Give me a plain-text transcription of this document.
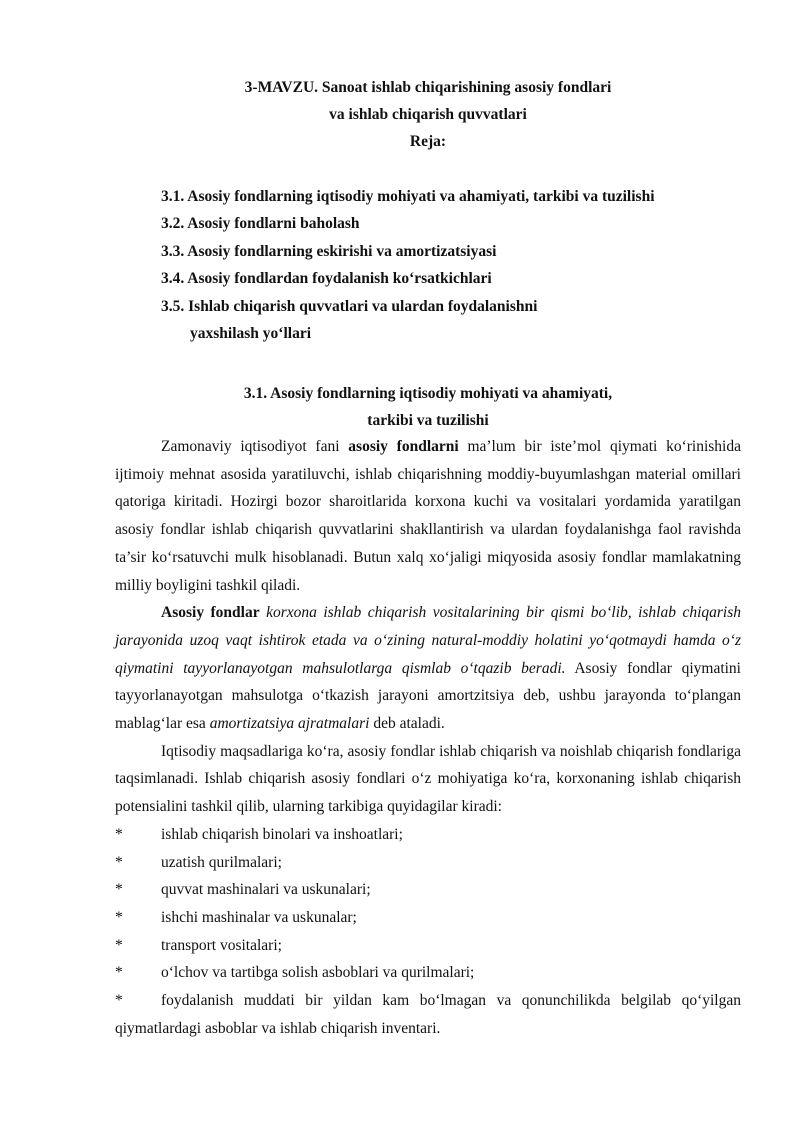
3-MAVZU. Sanoat ishlab chiqarishining asosiy fondlari
va ishlab chiqarish quvvatlari
Reja:
3.1. Asosiy fondlarning iqtisodiy mohiyati va ahamiyati, tarkibi va tuzilishi
3.2. Asosiy fondlarni baholash
3.3. Asosiy fondlarning eskirishi va amortizatsiyasi
3.4. Asosiy fondlardan foydalanish ko‘rsatkichlari
3.5. Ishlab chiqarish quvvatlari va ulardan foydalanishni
yaxshilash yo‘llari
3.1. Asosiy fondlarning iqtisodiy mohiyati va ahamiyati,
tarkibi va tuzilishi

Zamonaviy iqtisodiyot fani asosiy fondlarni ma’lum bir iste’mol qiymati ko‘rinishida ijtimoiy mehnat asosida yaratiluvchi, ishlab chiqarishning moddiy-buyumlashgan material omillari qatoriga kiritadi. Hozirgi bozor sharoitlarida korxona kuchi va vositalari yordamida yaratilgan asosiy fondlar ishlab chiqarish quvvatlarini shakllantirish va ulardan foydalanishga faol ravishda ta’sir ko‘rsatuvchi mulk hisoblanadi. Butun xalq xo‘jaligi miqyosida asosiy fondlar mamlakatning milliy boyligini tashkil qiladi.

Asosiy fondlar korxona ishlab chiqarish vositalarining bir qismi bo‘lib, ishlab chiqarish jarayonida uzoq vaqt ishtirok etada va o‘zining natural-moddiy holatini yo‘qotmaydi hamda o‘z qiymatini tayyorlanayotgan mahsulotlarga qismlab o‘tqazib beradi. Asosiy fondlar qiymatini tayyorlanayotgan mahsulotga o‘tkazish jarayoni amortzitsiya deb, ushbu jarayonda to‘plangan mablag‘lar esa amortizatsiya ajratmalari deb ataladi.

Iqtisodiy maqsadlariga ko‘ra, asosiy fondlar ishlab chiqarish va noishlab chiqarish fondlariga taqsimlanadi. Ishlab chiqarish asosiy fondlari o‘z mohiyatiga ko‘ra, korxonaning ishlab chiqarish potensialini tashkil qilib, ularning tarkibiga quyidagilar kiradi:

*	ishlab chiqarish binolari va inshoatlari;
*	uzatish qurilmalari;
*	quvvat mashinalari va uskunalari;
*	ishchi mashinalar va uskunalar;
*	transport vositalari;
*	o‘lchov va tartibga solish asboblari va qurilmalari;
* foydalanish muddati bir yildan kam bo‘lmagan va qonunchilikda belgilab qo‘yilgan qiymatlardagi asboblar va ishlab chiqarish inventari.
